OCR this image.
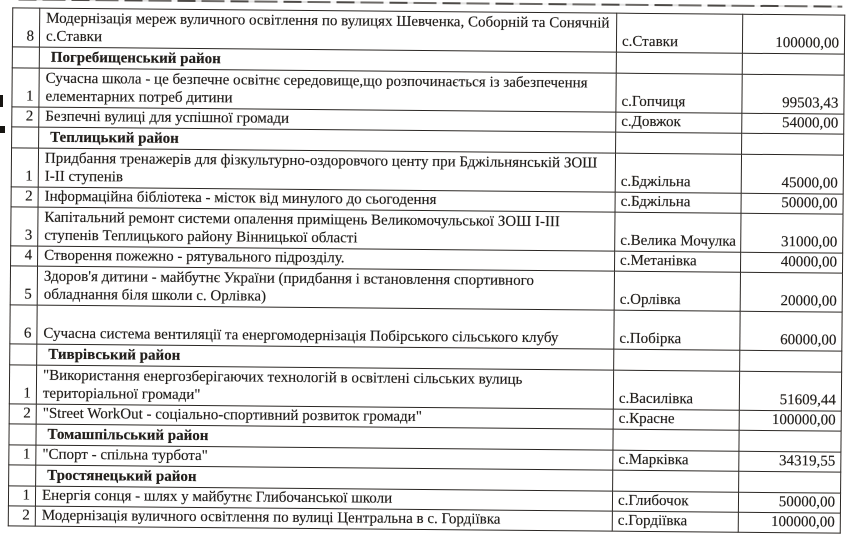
8	Модернізація мереж вуличного освітлення по вулицях Шевченка, Соборній та Сонячній с.Ставки	с.Ставки	100000,00
	Погребищенський район		
1	Сучасна школа - це безпечне освітнє середовище,що розпочинається із забезпечення елементарних потреб дитини	с.Гопчиця	99503,43
2	Безпечні вулиці для успішної громади	с.Довжок	54000,00
	Теплицький район		
1	Придбання тренажерів для фізкультурно-оздоровчого центу при Бджільнянській ЗОШ І-ІІ ступенів	с.Бджільна	45000,00
2	Інформаційна бібліотека - місток від минулого до сьогодення	с.Бджільна	50000,00
3	Капітальний ремонт системи опалення приміщень Великомочульської ЗОШ І-ІІІ ступенів Теплицького району Вінницької області	с.Велика Мочулка	31000,00
4	Створення пожежно - рятувального підрозділу.	с.Метанівка	40000,00
5	Здоров'я дитини - майбутнє України (придбання і встановлення спортивного обладнання біля школи с. Орлівка)	с.Орлівка	20000,00
6	Сучасна система вентиляції та енергомодернізація Побірського сільського клубу	с.Побірка	60000,00
	Тиврівський район		
1	"Використання енергозберігаючих технологій в освітлені сільських вулиць територіальної громади"	с.Василівка	51609,44
2	"Street WorkOut - соціально-спортивний розвиток громади"	с.Красне	100000,00
	Томашпільський район		
1	"Спорт - спільна турбота"	с.Марківка	34319,55
	Тростянецький район		
1	Енергія сонця - шлях у майбутнє Глибочанської школи	с.Глибочок	50000,00
2	Модернізація вуличного освітлення по вулиці Центральна в с. Гордіївка	с.Гордіївка	100000,00
